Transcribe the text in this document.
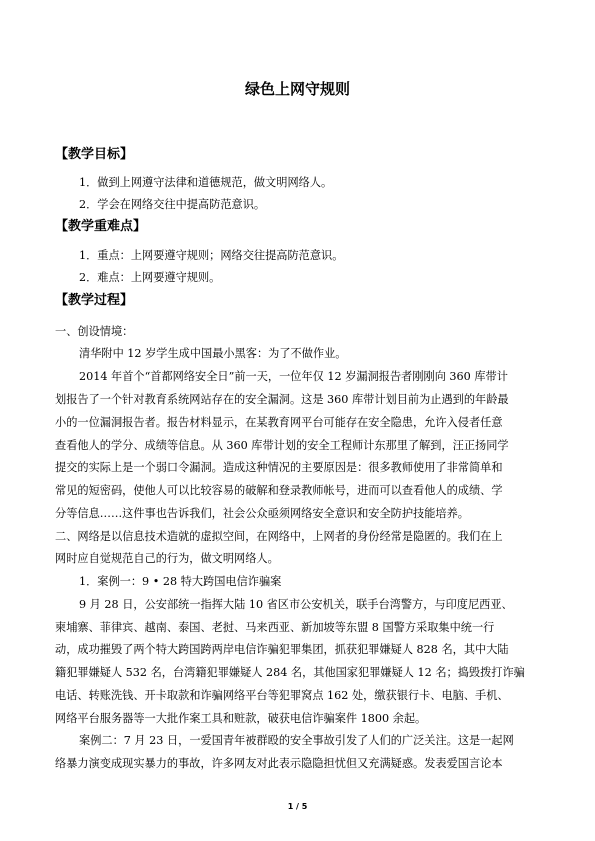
绿色上网守规则
【教学目标】
1．做到上网遵守法律和道德规范，做文明网络人。
2．学会在网络交往中提高防范意识。
【教学重难点】
1．重点：上网要遵守规则；网络交往提高防范意识。
2．难点：上网要遵守规则。
【教学过程】
一、创设情境：
清华附中 12 岁学生成中国最小黑客：为了不做作业。
2014 年首个“首都网络安全日”前一天，一位年仅 12 岁漏洞报告者刚刚向 360 库带计
划报告了一个针对教育系统网站存在的安全漏洞。这是 360 库带计划目前为止遇到的年龄最
小的一位漏洞报告者。报告材料显示，在某教育网平台可能存在安全隐患，允许入侵者任意
查看他人的学分、成绩等信息。从 360 库带计划的安全工程师计东那里了解到，汪正扬同学
提交的实际上是一个弱口令漏洞。造成这种情况的主要原因是：很多教师使用了非常简单和
常见的短密码，使他人可以比较容易的破解和登录教师帐号，进而可以查看他人的成绩、学
分等信息……这件事也告诉我们，社会公众亟须网络安全意识和安全防护技能培养。
二、网络是以信息技术造就的虚拟空间，在网络中，上网者的身份经常是隐匿的。我们在上
网时应自觉规范自己的行为，做文明网络人。
1．案例一：9 • 28 特大跨国电信诈骗案
9 月 28 日，公安部统一指挥大陆 10 省区市公安机关，联手台湾警方，与印度尼西亚、
柬埔寨、菲律宾、越南、泰国、老挝、马来西亚、新加坡等东盟 8 国警方采取集中统一行
动，成功摧毁了两个特大跨国跨两岸电信诈骗犯罪集团，抓获犯罪嫌疑人 828 名，其中大陆
籍犯罪嫌疑人 532 名，台湾籍犯罪嫌疑人 284 名，其他国家犯罪嫌疑人 12 名；捣毁拨打诈骗
电话、转账洗钱、开卡取款和诈骗网络平台等犯罪窝点 162 处，缴获银行卡、电脑、手机、
网络平台服务器等一大批作案工具和赃款，破获电信诈骗案件 1800 余起。
案例二：7 月 23 日，一爱国青年被群殴的安全事故引发了人们的广泛关注。这是一起网
络暴力演变成现实暴力的事故，许多网友对此表示隐隐担忧但又充满疑惑。发表爱国言论本
1 / 5
